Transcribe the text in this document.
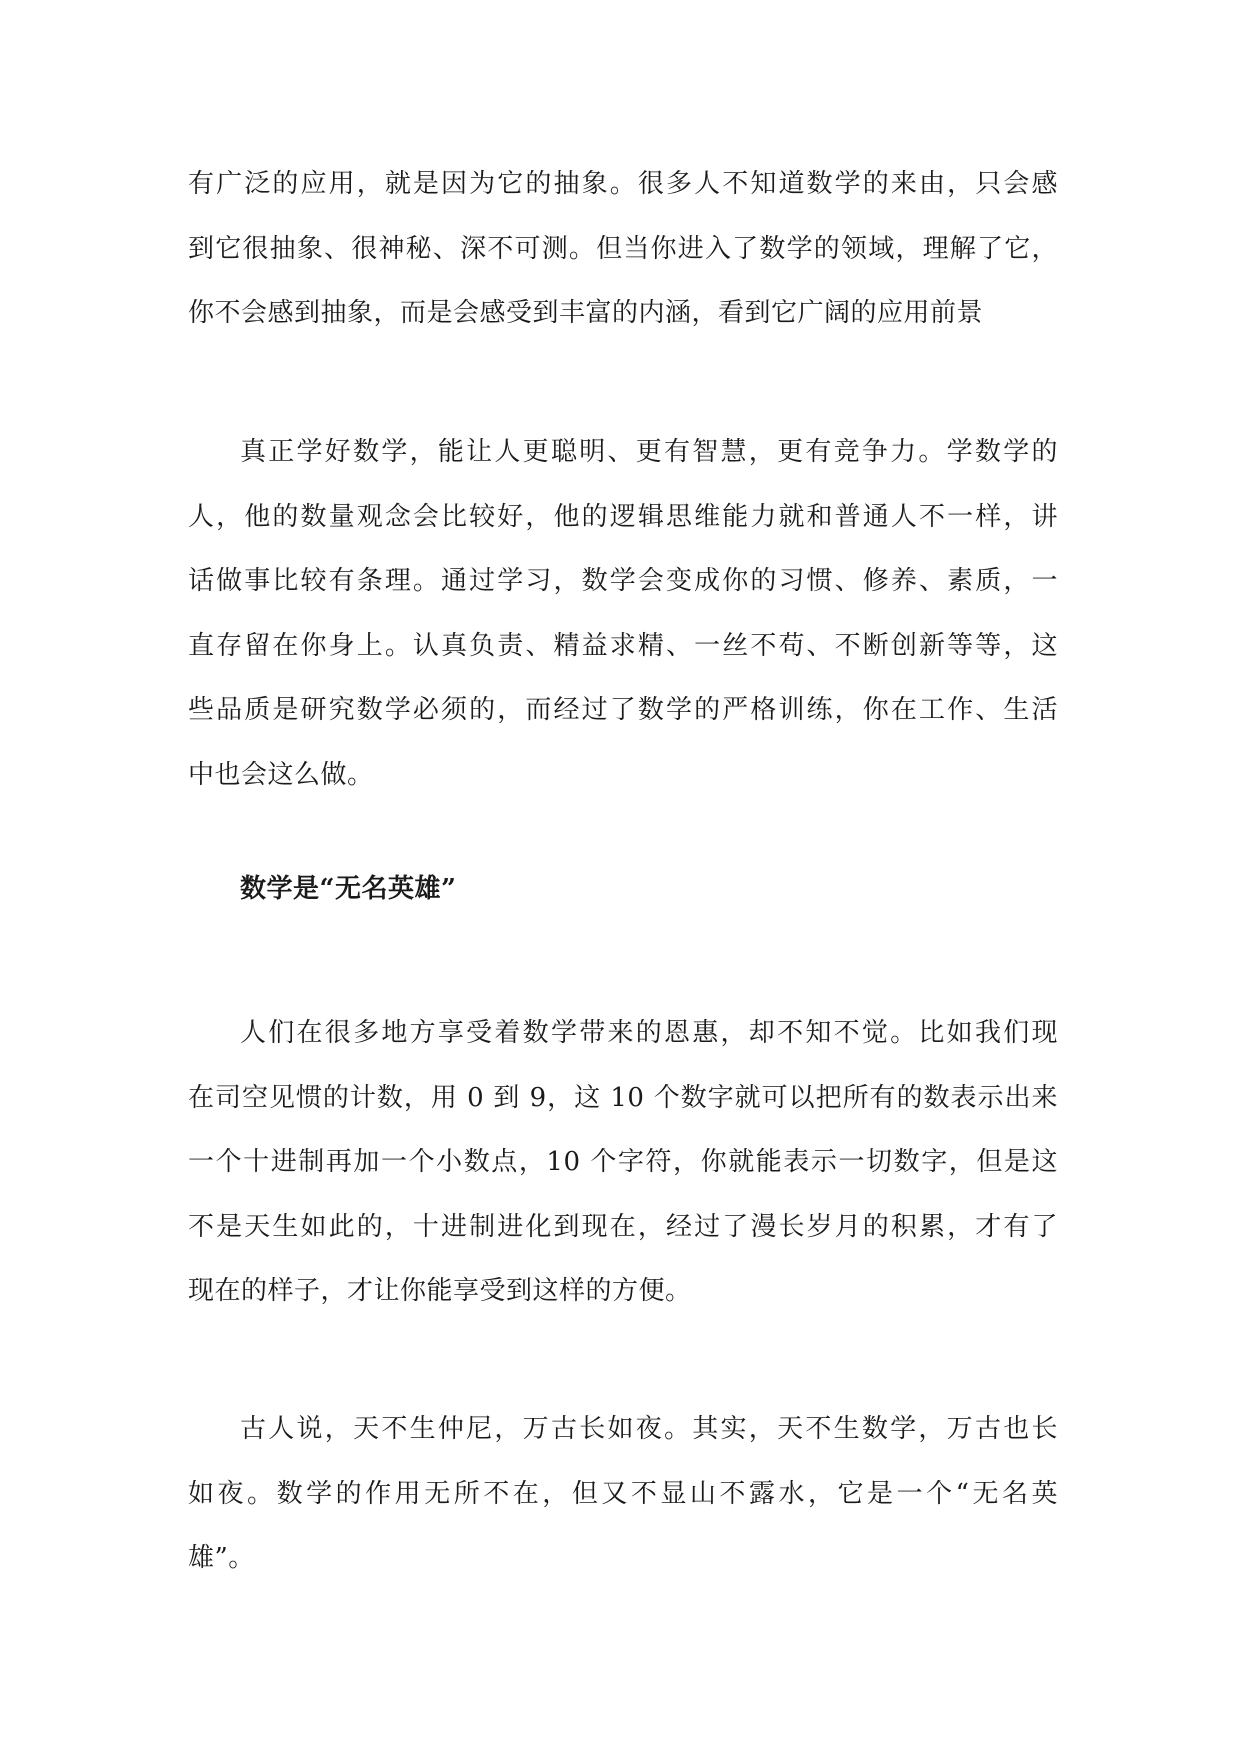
有广泛的应用，就是因为它的抽象。很多人不知道数学的来由，只会感
到它很抽象、很神秘、深不可测。但当你进入了数学的领域，理解了它，
你不会感到抽象，而是会感受到丰富的内涵，看到它广阔的应用前景
真正学好数学，能让人更聪明、更有智慧，更有竞争力。学数学的
人，他的数量观念会比较好，他的逻辑思维能力就和普通人不一样，讲
话做事比较有条理。通过学习，数学会变成你的习惯、修养、素质，一
直存留在你身上。认真负责、精益求精、一丝不苟、不断创新等等，这
些品质是研究数学必须的，而经过了数学的严格训练，你在工作、生活
中也会这么做。
数学是“无名英雄”
人们在很多地方享受着数学带来的恩惠，却不知不觉。比如我们现
在司空见惯的计数，用 0 到 9，这 10 个数字就可以把所有的数表示出来
一个十进制再加一个小数点，10 个字符，你就能表示一切数字，但是这
不是天生如此的，十进制进化到现在，经过了漫长岁月的积累，才有了
现在的样子，才让你能享受到这样的方便。
古人说，天不生仲尼，万古长如夜。其实，天不生数学，万古也长
如夜。数学的作用无所不在，但又不显山不露水，它是一个“无名英
雄”。
